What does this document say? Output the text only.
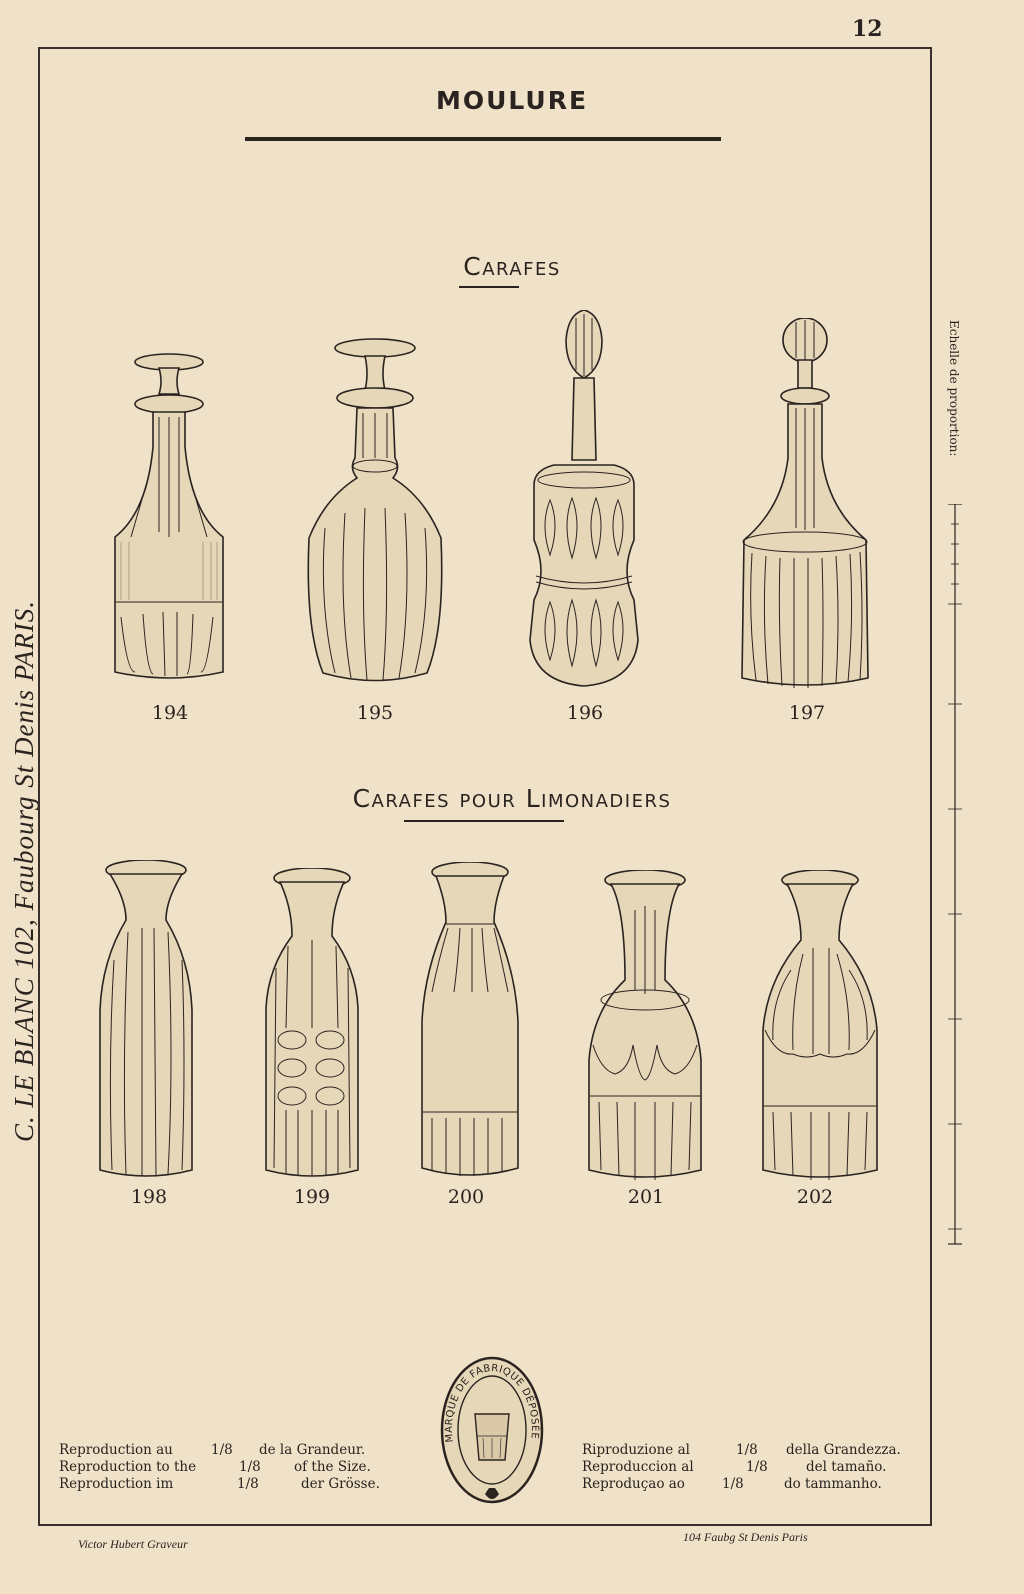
12
C. LE BLANC 102, Faubourg St Denis PARIS.
Echelle de proportion:
MOULURE
Carafes
194	195	196	197
Carafes pour Limonadiers
198	199	200	201	202
Reproduction au	1/8 de la Grandeur.
Reproduction to the	1/8 of the Size.
Reproduction im	1/8	der Grösse.
Riproduzione al	1/8 della Grandezza.
Reproduccion al	1/8	del tamaño.
Reproduçao ao	1/8	do tammanho.
MARQUE DE FABRIQUE DÉPOSÉE
Victor Hubert Graveur	104 Faubg St Denis Paris
